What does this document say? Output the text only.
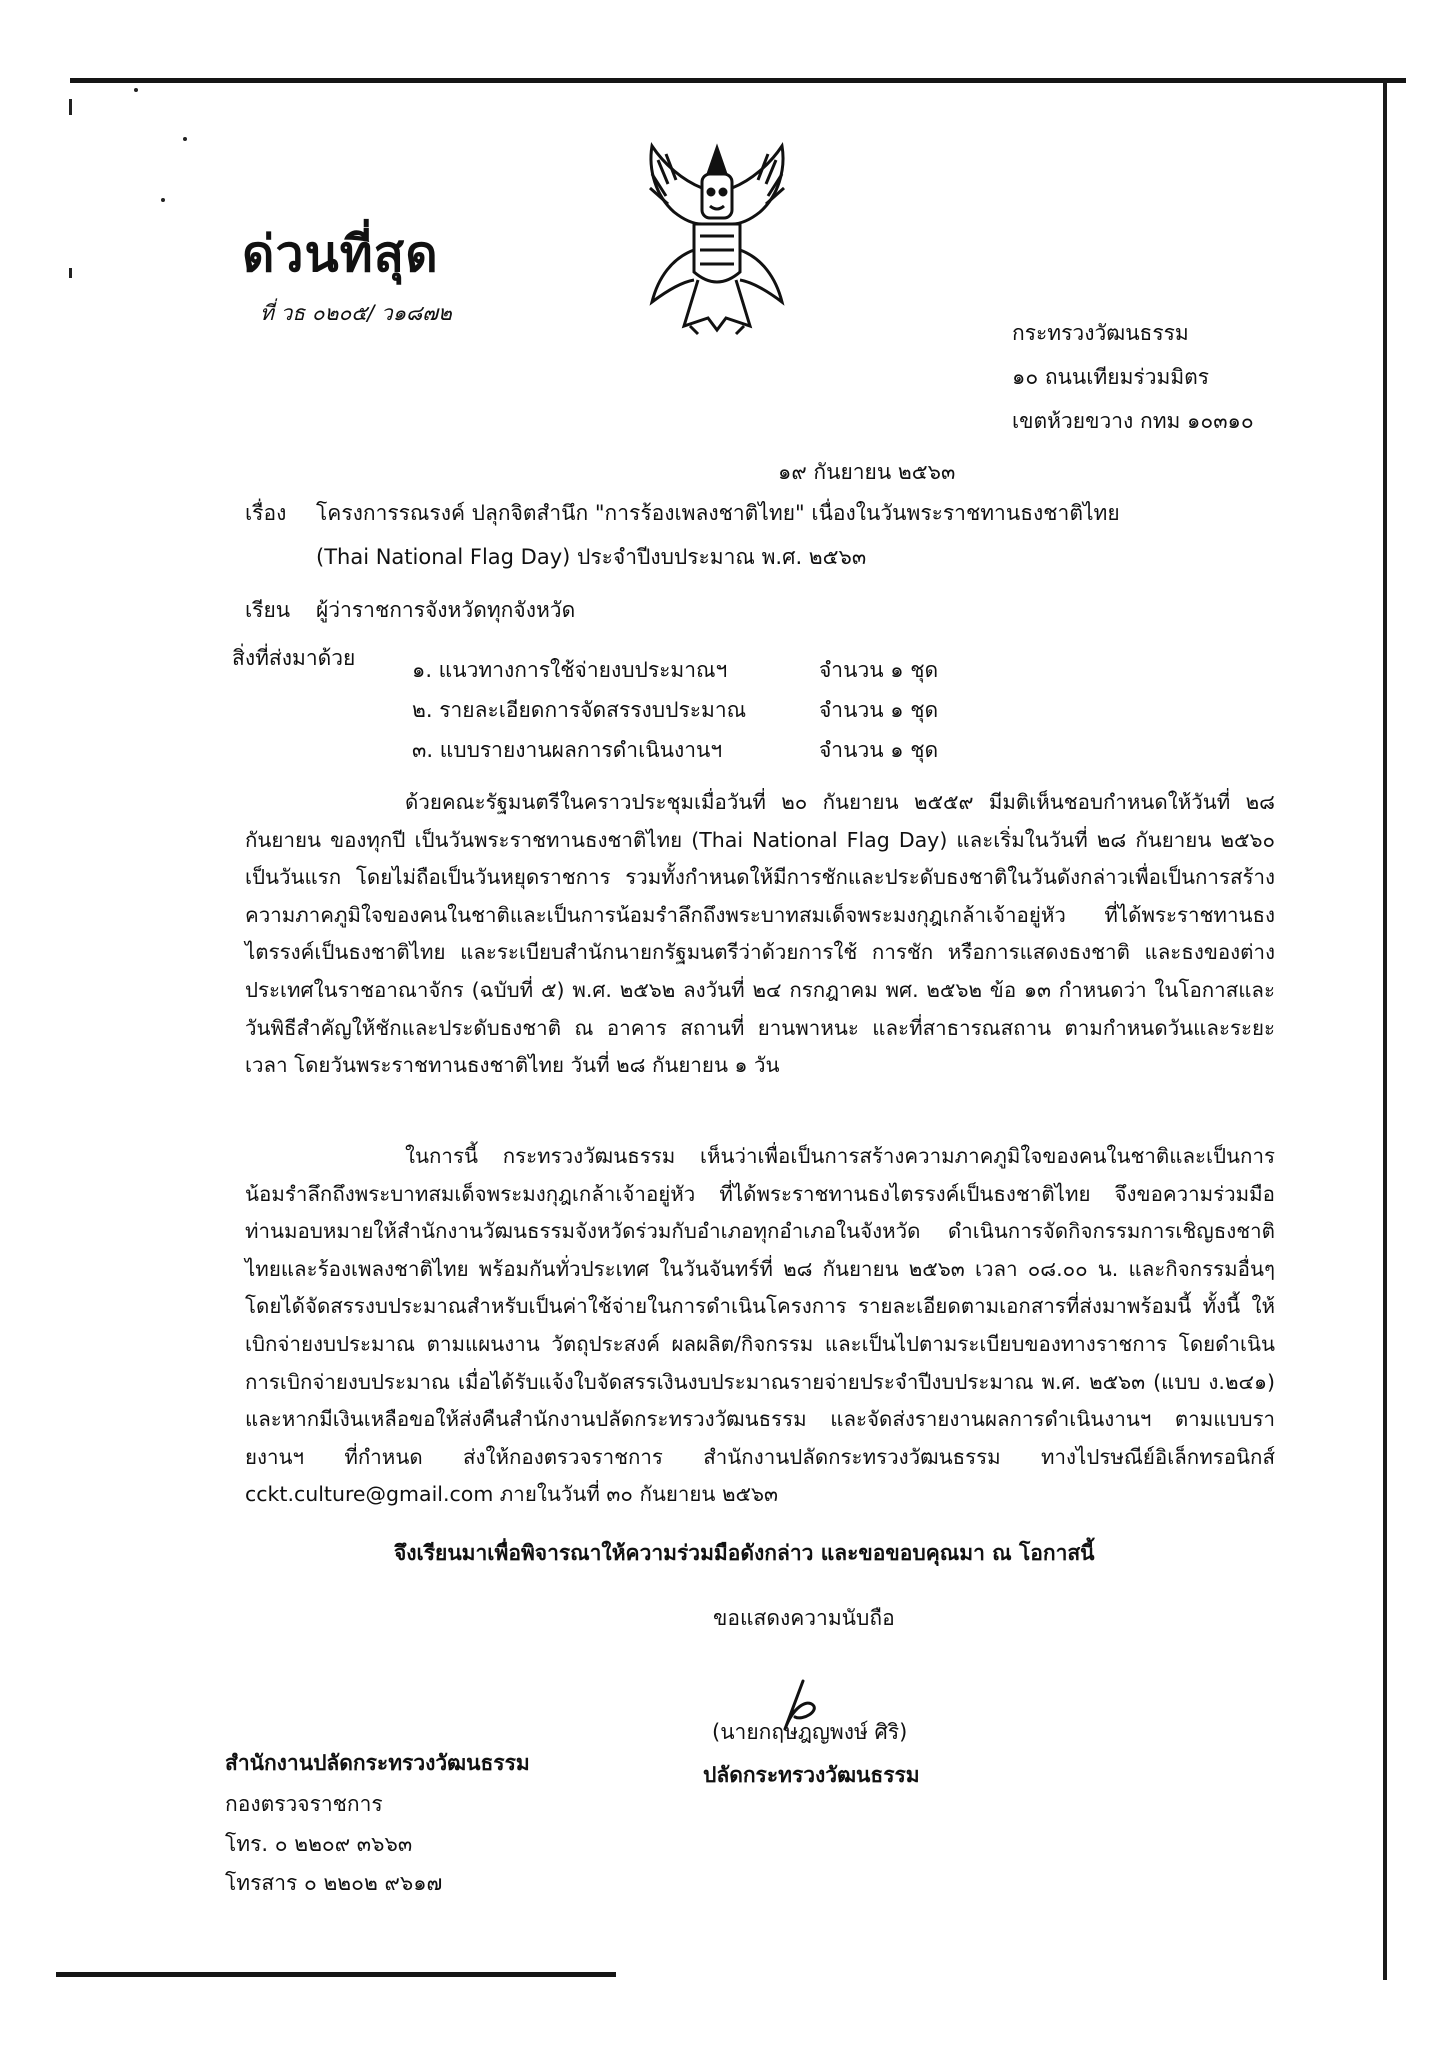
ด่วนที่สุด
ที่ วธ ๐๒๐๕/ ว๑๘๗๒
กระทรวงวัฒนธรรม
๑๐ ถนนเทียมร่วมมิตร
เขตห้วยขวาง กทม ๑๐๓๑๐
๑๙ กันยายน ๒๕๖๓
เรื่อง โครงการรณรงค์ ปลุกจิตสำนึก "การร้องเพลงชาติไทย" เนื่องในวันพระราชทานธงชาติไทย
(Thai National Flag Day) ประจำปีงบประมาณ พ.ศ. ๒๕๖๓
เรียน ผู้ว่าราชการจังหวัดทุกจังหวัด
สิ่งที่ส่งมาด้วย	๑. แนวทางการใช้จ่ายงบประมาณฯ	จำนวน ๑ ชุด
๒. รายละเอียดการจัดสรรงบประมาณ	จำนวน ๑ ชุด
๓. แบบรายงานผลการดำเนินงานฯ	จำนวน ๑ ชุด
ด้วยคณะรัฐมนตรีในคราวประชุมเมื่อวันที่ ๒๐ กันยายน ๒๕๕๙ มีมติเห็นชอบกำหนดให้วันที่ ๒๘ กันยายน ของทุกปี เป็นวันพระราชทานธงชาติไทย (Thai National Flag Day) และเริ่มในวันที่ ๒๘ กันยายน ๒๕๖๐ เป็นวันแรก โดยไม่ถือเป็นวันหยุดราชการ รวมทั้งกำหนดให้มีการชักและประดับธงชาติในวันดังกล่าวเพื่อเป็นการสร้างความภาคภูมิใจของคนในชาติและเป็นการน้อมรำลึกถึงพระบาทสมเด็จพระมงกุฎเกล้าเจ้าอยู่หัว ที่ได้พระราชทานธงไตรรงค์เป็นธงชาติไทย และระเบียบสำนักนายกรัฐมนตรีว่าด้วยการใช้ การชัก หรือการแสดงธงชาติ และธงของต่างประเทศในราชอาณาจักร (ฉบับที่ ๕) พ.ศ. ๒๕๖๒ ลงวันที่ ๒๔ กรกฎาคม พศ. ๒๕๖๒ ข้อ ๑๓ กำหนดว่า ในโอกาสและวันพิธีสำคัญให้ชักและประดับธงชาติ ณ อาคาร สถานที่ ยานพาหนะ และที่สาธารณสถาน ตามกำหนดวันและระยะเวลา โดยวันพระราชทานธงชาติไทย วันที่ ๒๘ กันยายน ๑ วัน
ในการนี้ กระทรวงวัฒนธรรม เห็นว่าเพื่อเป็นการสร้างความภาคภูมิใจของคนในชาติและเป็นการน้อมรำลึกถึงพระบาทสมเด็จพระมงกุฎเกล้าเจ้าอยู่หัว ที่ได้พระราชทานธงไตรรงค์เป็นธงชาติไทย จึงขอความร่วมมือท่านมอบหมายให้สำนักงานวัฒนธรรมจังหวัดร่วมกับอำเภอทุกอำเภอในจังหวัด ดำเนินการจัดกิจกรรมการเชิญธงชาติไทยและร้องเพลงชาติไทย พร้อมกันทั่วประเทศ ในวันจันทร์ที่ ๒๘ กันยายน ๒๕๖๓ เวลา ๐๘.๐๐ น. และกิจกรรมอื่นๆ โดยได้จัดสรรงบประมาณสำหรับเป็นค่าใช้จ่ายในการดำเนินโครงการ รายละเอียดตามเอกสารที่ส่งมาพร้อมนี้ ทั้งนี้ ให้เบิกจ่ายงบประมาณ ตามแผนงาน วัตถุประสงค์ ผลผลิต/กิจกรรม และเป็นไปตามระเบียบของทางราชการ โดยดำเนินการเบิกจ่ายงบประมาณ เมื่อได้รับแจ้งใบจัดสรรเงินงบประมาณรายจ่ายประจำปีงบประมาณ พ.ศ. ๒๕๖๓ (แบบ ง.๒๔๑) และหากมีเงินเหลือขอให้ส่งคืนสำนักงานปลัดกระทรวงวัฒนธรรม และจัดส่งรายงานผลการดำเนินงานฯ ตามแบบรายงานฯ ที่กำหนด ส่งให้กองตรวจราชการ สำนักงานปลัดกระทรวงวัฒนธรรม ทางไปรษณีย์อิเล็กทรอนิกส์ cckt.culture@gmail.com ภายในวันที่ ๓๐ กันยายน ๒๕๖๓
จึงเรียนมาเพื่อพิจารณาให้ความร่วมมือดังกล่าว และขอขอบคุณมา ณ โอกาสนี้
ขอแสดงความนับถือ
(นายกฤษฎญพงษ์ ศิริ)
ปลัดกระทรวงวัฒนธรรม
สำนักงานปลัดกระทรวงวัฒนธรรม
กองตรวจราชการ
โทร. ๐ ๒๒๐๙ ๓๖๖๓
โทรสาร ๐ ๒๒๐๒ ๙๖๑๗
